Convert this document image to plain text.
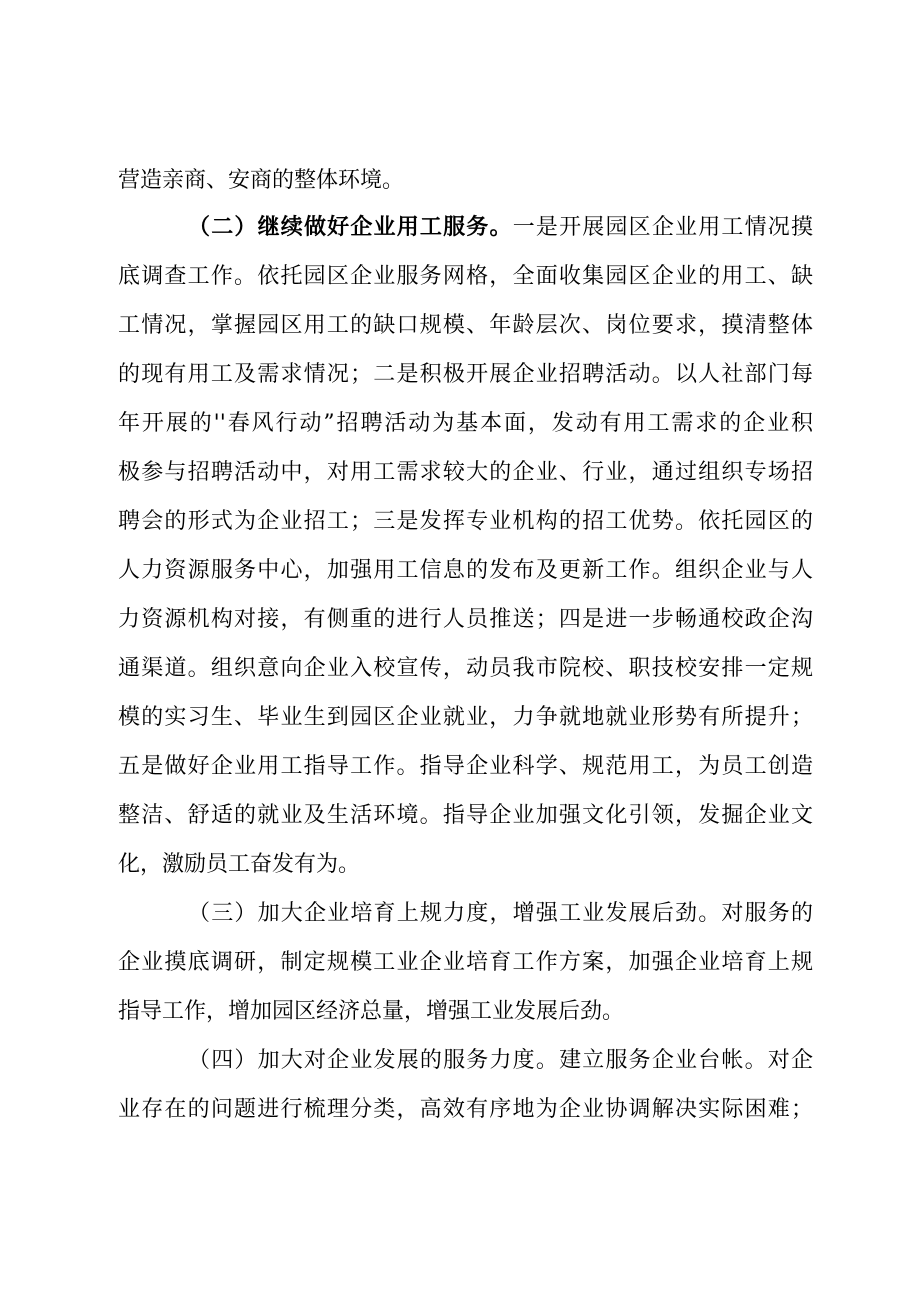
营造亲商、安商的整体环境。
（二）继续做好企业用工服务。一是开展园区企业用工情况摸
底调查工作。依托园区企业服务网格，全面收集园区企业的用工、缺
工情况，掌握园区用工的缺口规模、年龄层次、岗位要求，摸清整体
的现有用工及需求情况；二是积极开展企业招聘活动。以人社部门每
年开展的''春风行动”招聘活动为基本面，发动有用工需求的企业积
极参与招聘活动中，对用工需求较大的企业、行业，通过组织专场招
聘会的形式为企业招工；三是发挥专业机构的招工优势。依托园区的
人力资源服务中心，加强用工信息的发布及更新工作。组织企业与人
力资源机构对接，有侧重的进行人员推送；四是进一步畅通校政企沟
通渠道。组织意向企业入校宣传，动员我市院校、职技校安排一定规
模的实习生、毕业生到园区企业就业，力争就地就业形势有所提升；
五是做好企业用工指导工作。指导企业科学、规范用工，为员工创造
整洁、舒适的就业及生活环境。指导企业加强文化引领，发掘企业文
化，激励员工奋发有为。
（三）加大企业培育上规力度，增强工业发展后劲。对服务的
企业摸底调研，制定规模工业企业培育工作方案，加强企业培育上规
指导工作，增加园区经济总量，增强工业发展后劲。
（四）加大对企业发展的服务力度。建立服务企业台帐。对企
业存在的问题进行梳理分类，高效有序地为企业协调解决实际困难；
